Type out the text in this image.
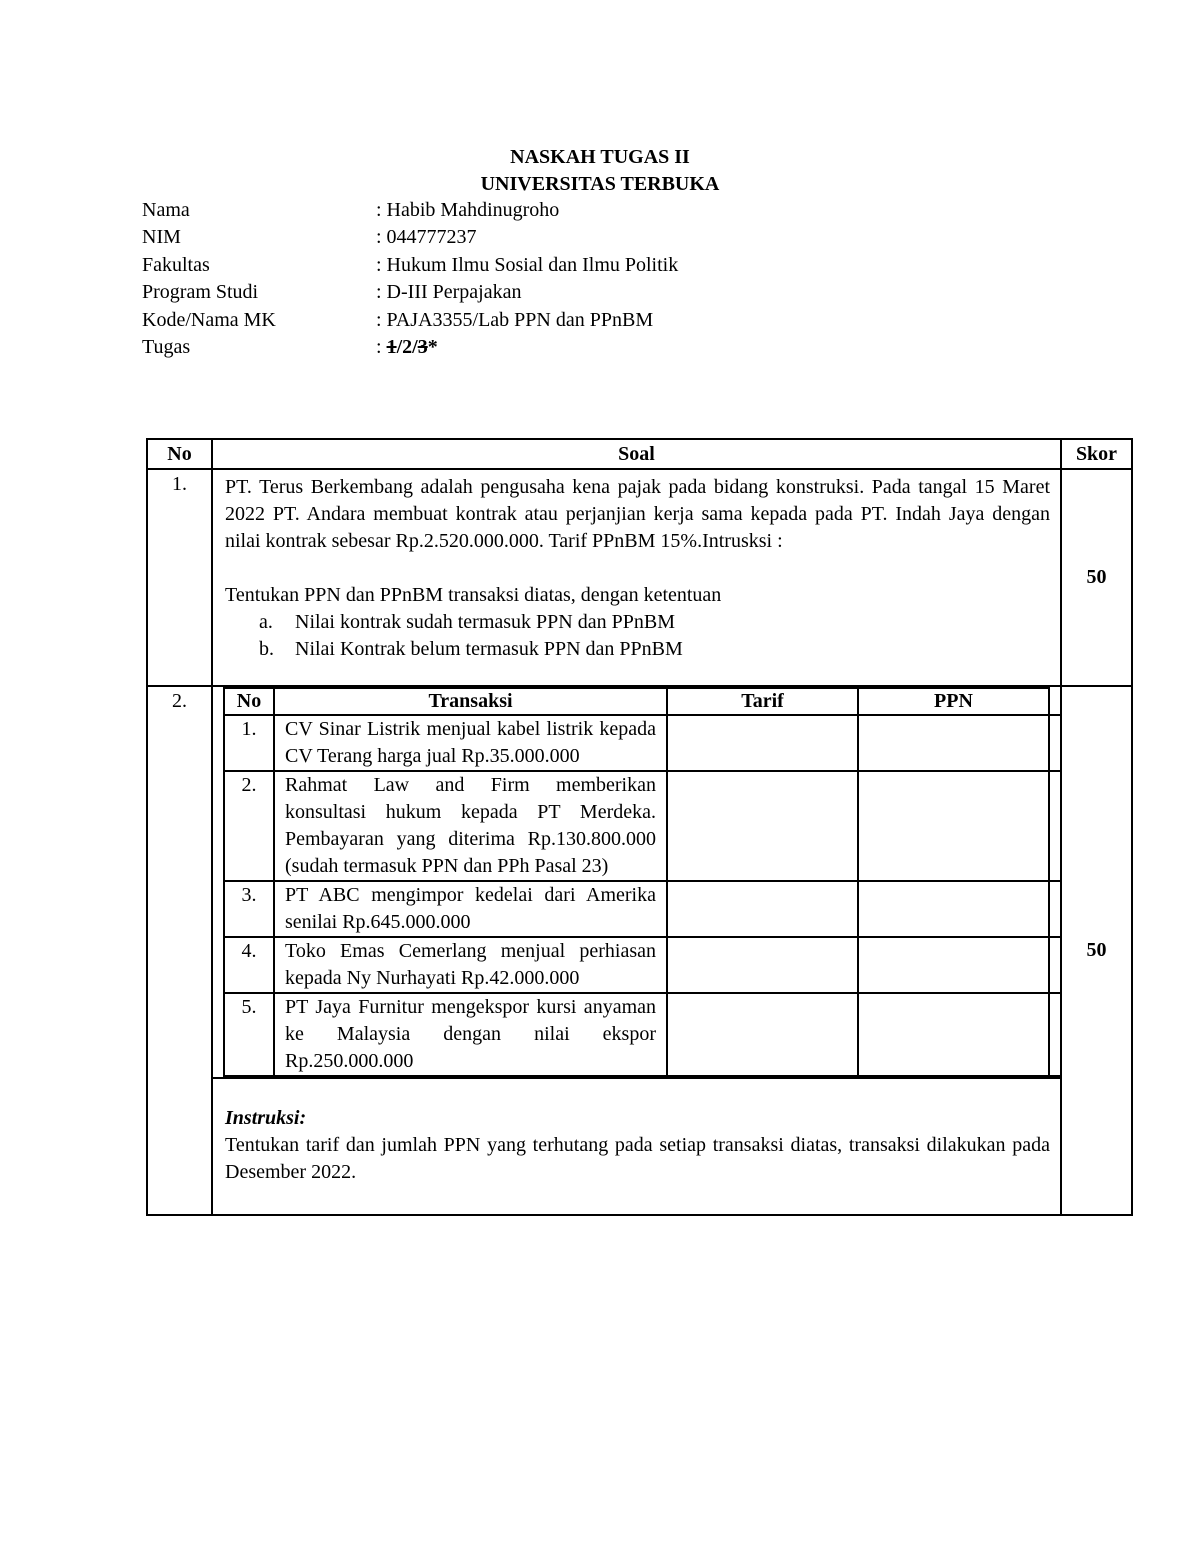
NASKAH TUGAS II
UNIVERSITAS TERBUKA
Nama	: Habib Mahdinugroho
NIM	: 044777237
Fakultas	: Hukum Ilmu Sosial dan Ilmu Politik
Program Studi	: D-III Perpajakan
Kode/Nama MK	: PAJA3355/Lab PPN dan PPnBM
Tugas	: 1/2/3*
No	Soal	Skor
1.	PT. Terus Berkembang adalah pengusaha kena pajak pada bidang konstruksi. Pada tangal 15 Maret 2022 PT. Andara membuat kontrak atau perjanjian kerja sama kepada pada PT. Indah Jaya dengan nilai kontrak sebesar Rp.2.520.000.000. Tarif PPnBM 15%.Intrusksi :

Tentukan PPN dan PPnBM transaksi diatas, dengan ketentuan

a.	Nilai kontrak sudah termasuk PPN dan PPnBM
b.	Nilai Kontrak belum termasuk PPN dan PPnBM
	50
2.	No	Transaksi	Tarif	PPN	
1.	CV Sinar Listrik menjual kabel listrik kepada CV Terang harga jual Rp.35.000.000			
2.	Rahmat Law and Firm memberikan konsultasi hukum kepada PT Merdeka. Pembayaran yang diterima Rp.130.800.000 (sudah termasuk PPN dan PPh Pasal 23)			
3.	PT ABC mengimpor kedelai dari Amerika senilai Rp.645.000.000			
4.	Toko Emas Cemerlang menjual perhiasan kepada Ny Nurhayati Rp.42.000.000			
5.	PT Jaya Furnitur mengekspor kursi anyaman ke Malaysia dengan nilai ekspor Rp.250.000.000			
Instruksi:

Tentukan tarif dan jumlah PPN yang terhutang pada setiap transaksi diatas, transaksi dilakukan pada Desember 2022.

	50
